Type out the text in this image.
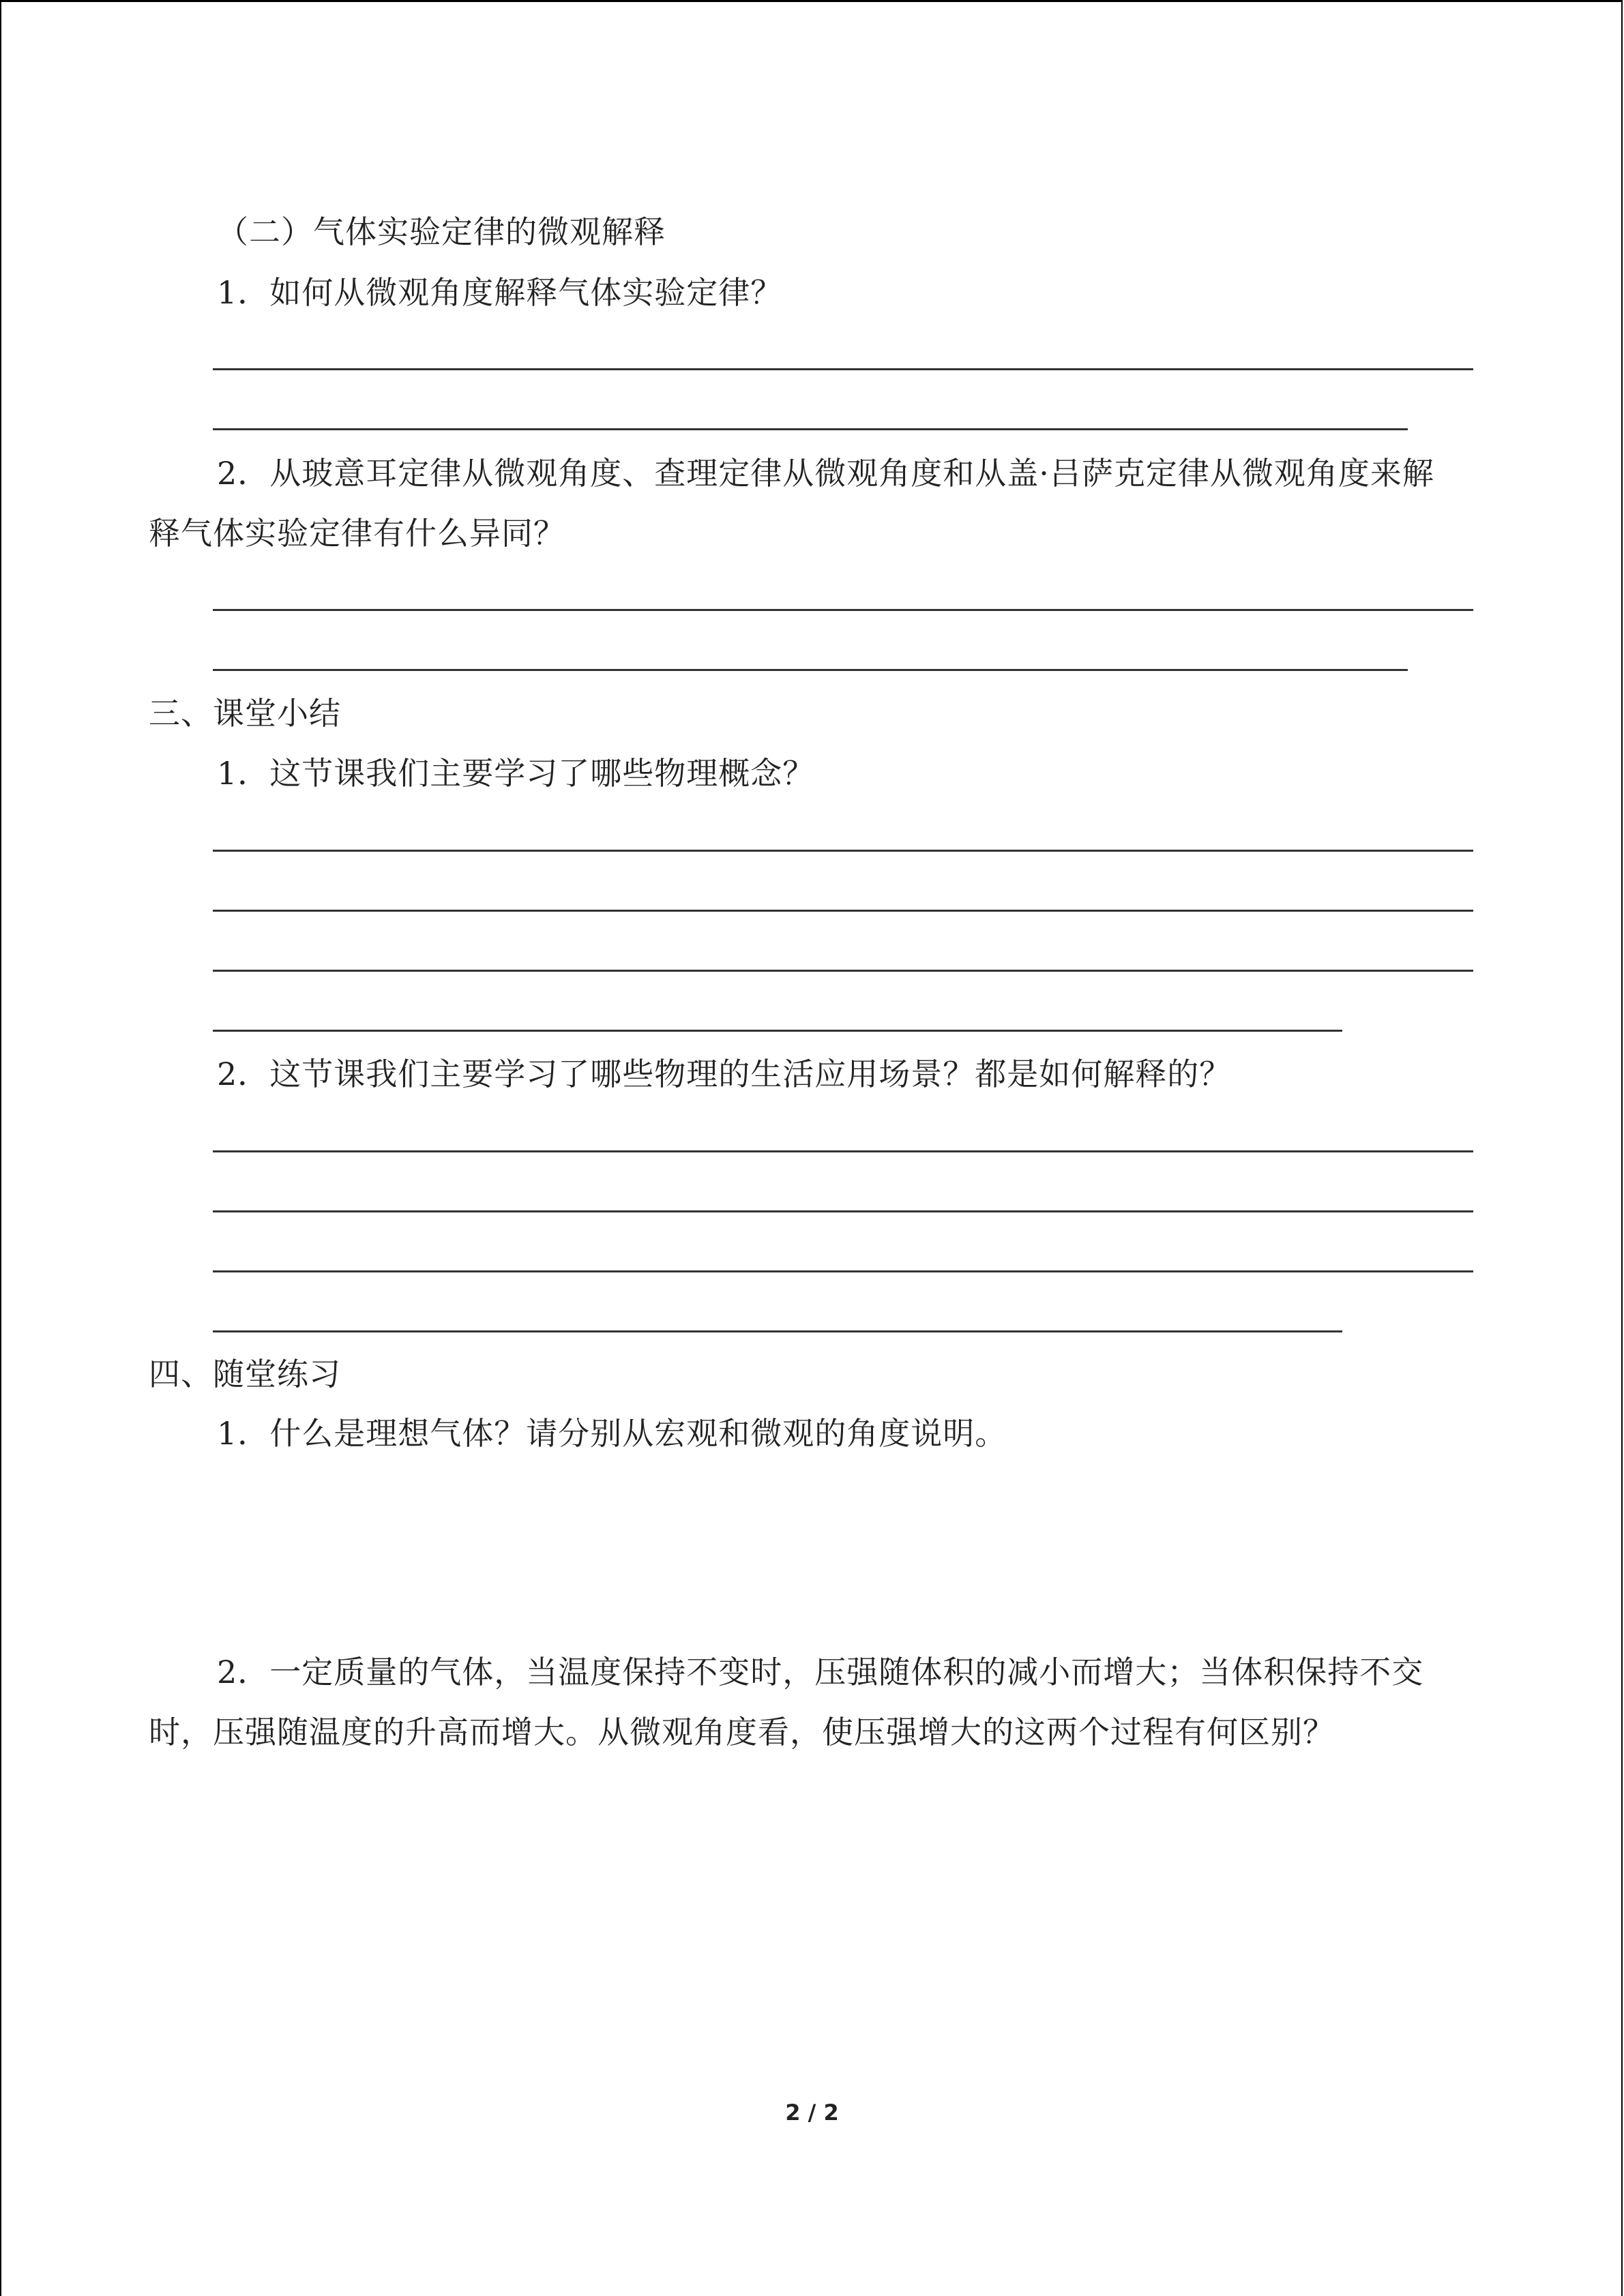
（二）气体实验定律的微观解释
1．如何从微观角度解释气体实验定律？
2．从玻意耳定律从微观角度、查理定律从微观角度和从盖·吕萨克定律从微观角度来解
释气体实验定律有什么异同？
三、课堂小结
1．这节课我们主要学习了哪些物理概念？
2．这节课我们主要学习了哪些物理的生活应用场景？都是如何解释的？
四、随堂练习
1．什么是理想气体？请分别从宏观和微观的角度说明。
2．一定质量的气体，当温度保持不变时，压强随体积的减小而增大；当体积保持不交
时，压强随温度的升高而增大。从微观角度看，使压强增大的这两个过程有何区别？
2 / 2
